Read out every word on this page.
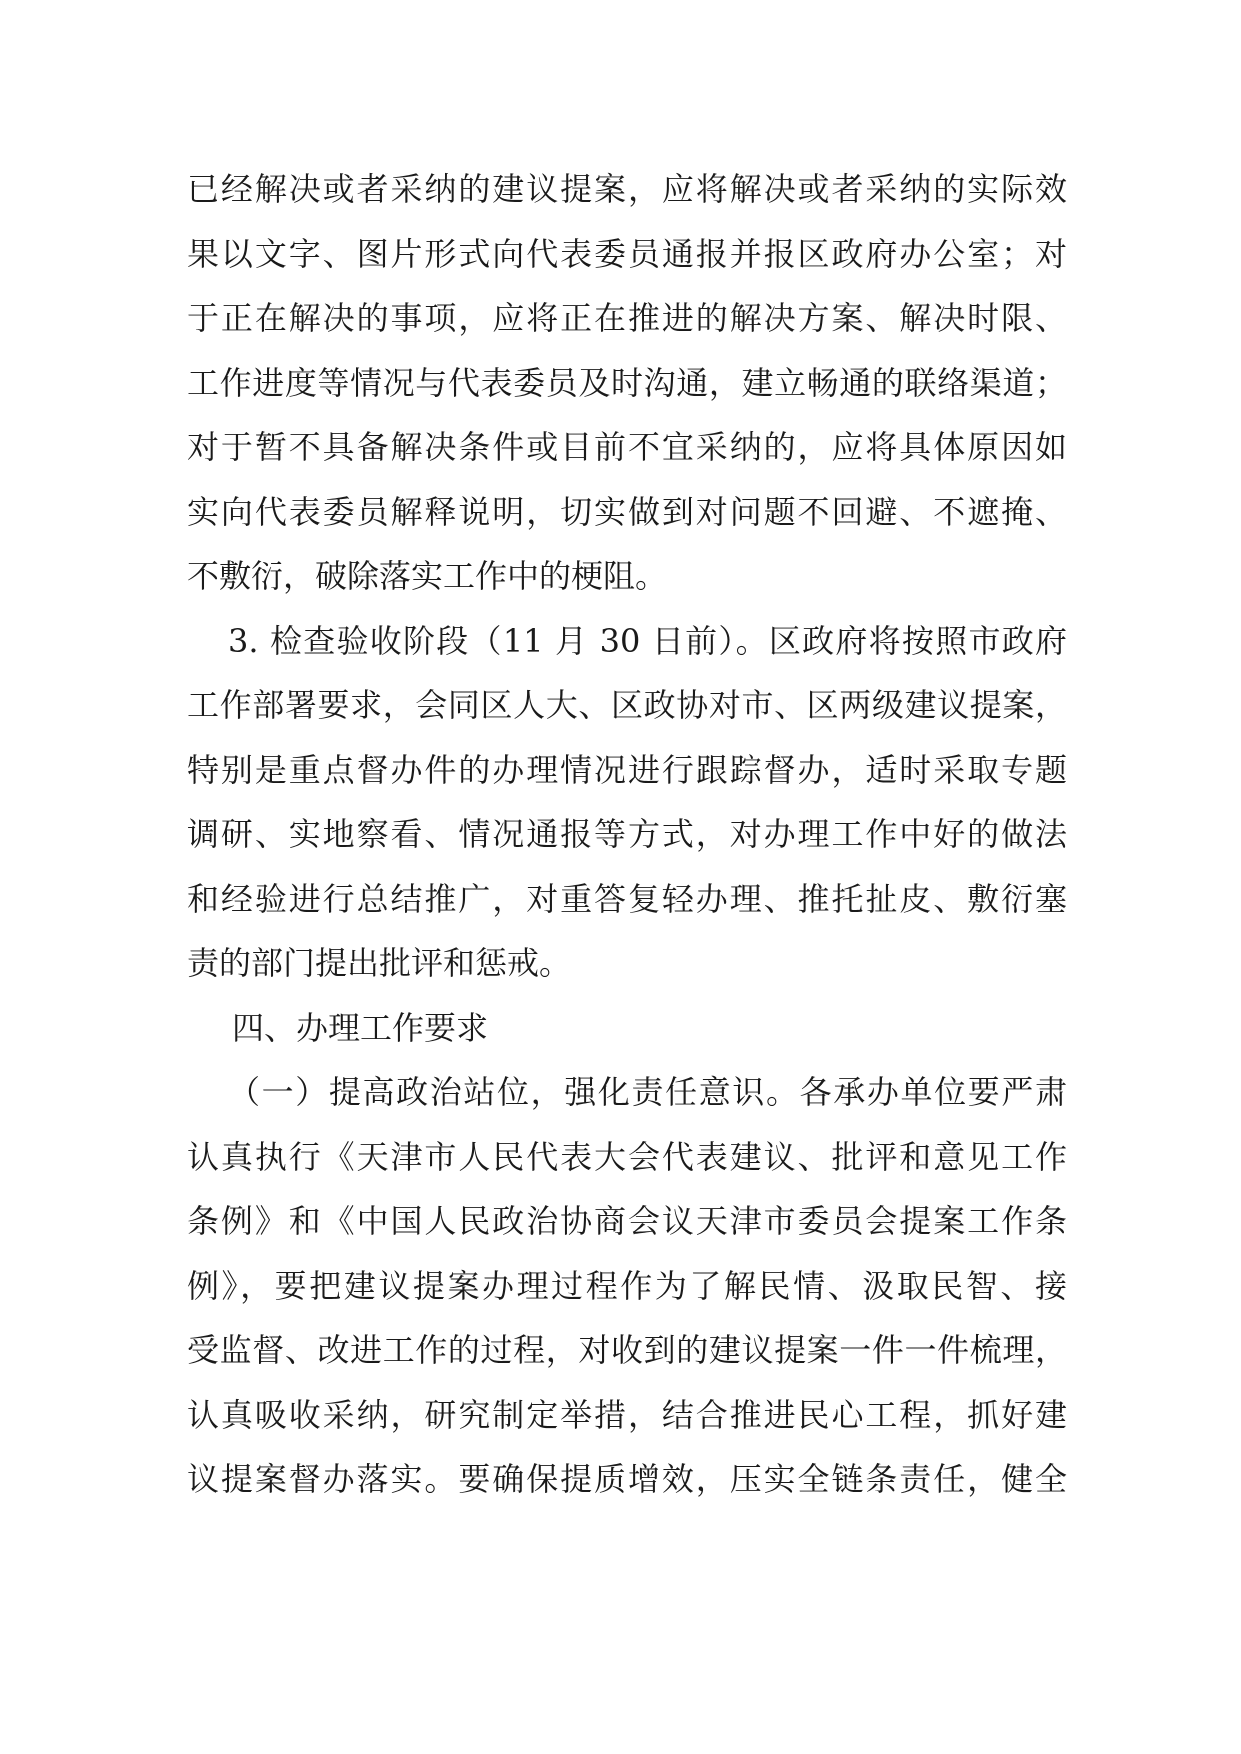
已经解决或者采纳的建议提案，应将解决或者采纳的实际效
果以文字、图片形式向代表委员通报并报区政府办公室；对
于正在解决的事项，应将正在推进的解决方案、解决时限、
工作进度等情况与代表委员及时沟通，建立畅通的联络渠道；
对于暂不具备解决条件或目前不宜采纳的，应将具体原因如
实向代表委员解释说明，切实做到对问题不回避、不遮掩、
不敷衍，破除落实工作中的梗阻。
3. 检查验收阶段（11 月 30 日前）。区政府将按照市政府
工作部署要求，会同区人大、区政协对市、区两级建议提案，
特别是重点督办件的办理情况进行跟踪督办，适时采取专题
调研、实地察看、情况通报等方式，对办理工作中好的做法
和经验进行总结推广，对重答复轻办理、推托扯皮、敷衍塞
责的部门提出批评和惩戒。
四、办理工作要求
（一）提高政治站位，强化责任意识。各承办单位要严肃
认真执行《天津市人民代表大会代表建议、批评和意见工作
条例》和《中国人民政治协商会议天津市委员会提案工作条
例》，要把建议提案办理过程作为了解民情、汲取民智、接
受监督、改进工作的过程，对收到的建议提案一件一件梳理，
认真吸收采纳，研究制定举措，结合推进民心工程，抓好建
议提案督办落实。要确保提质增效，压实全链条责任，健全
